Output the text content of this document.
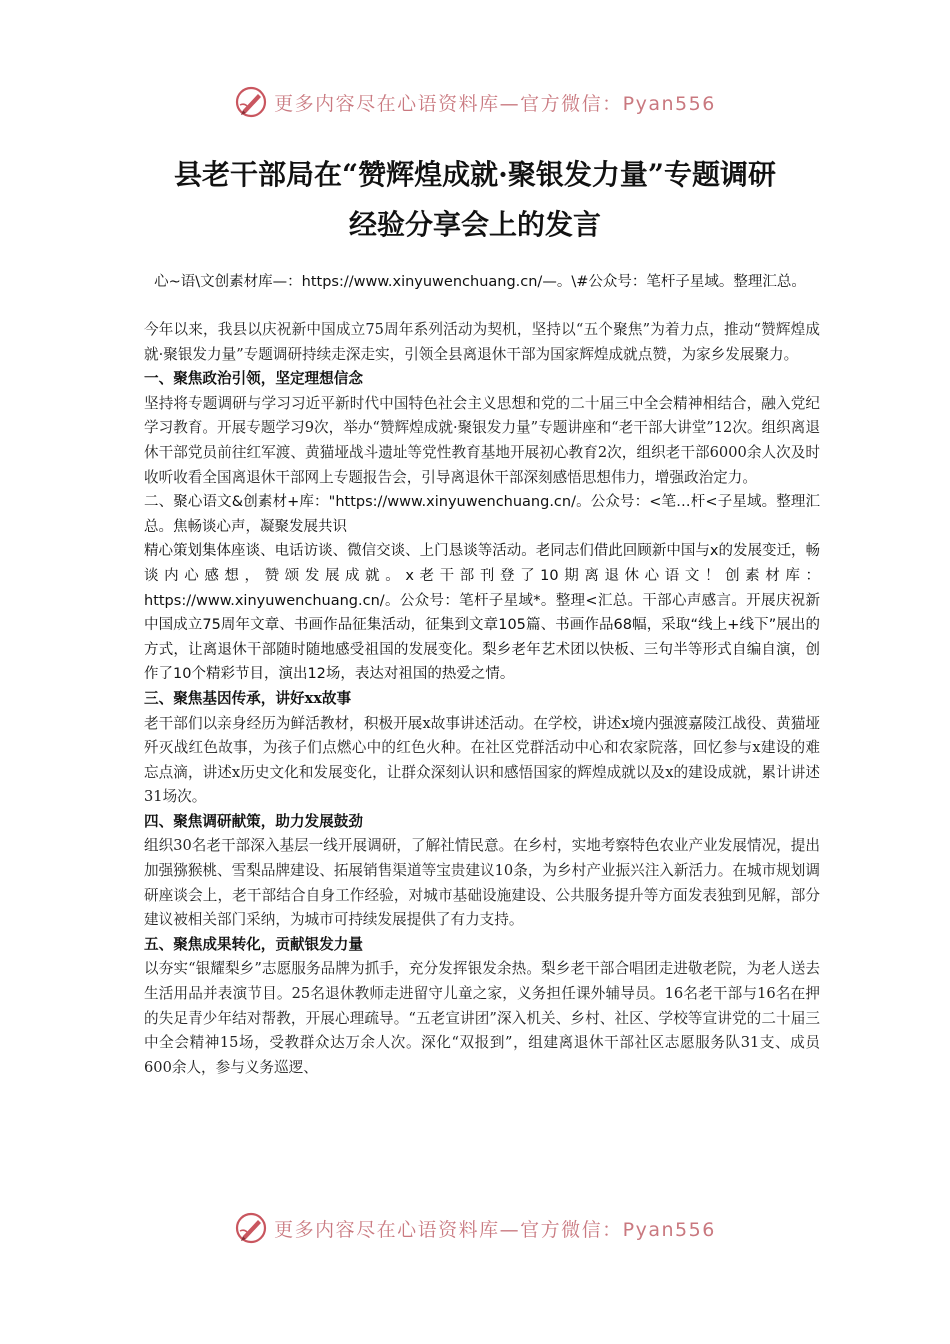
更多内容尽在心语资料库—官方微信：Pyan556
县老干部局在“赞辉煌成就·聚银发力量”专题调研
经验分享会上的发言
心~语\文创素材库—：https://www.xinyuwenchuang.cn/—。\#公众号：笔杆子星域。整理汇总。

今年以来，我县以庆祝新中国成立75周年系列活动为契机，坚持以“五个聚焦”为着力点，推动“赞辉煌成就·聚银发力量”专题调研持续走深走实，引领全县离退休干部为国家辉煌成就点赞，为家乡发展聚力。

一、聚焦政治引领，坚定理想信念

坚持将专题调研与学习习近平新时代中国特色社会主义思想和党的二十届三中全会精神相结合，融入党纪学习教育。开展专题学习9次，举办“赞辉煌成就·聚银发力量”专题讲座和“老干部大讲堂”12次。组织离退休干部党员前往红军渡、黄猫垭战斗遗址等党性教育基地开展初心教育2次，组织老干部6000余人次及时收听收看全国离退休干部网上专题报告会，引导离退休干部深刻感悟思想伟力，增强政治定力。

二、聚心语文&创素材+库："https://www.xinyuwenchuang.cn/。公众号：<笔…杆<子星域。整理汇总。焦畅谈心声，凝聚发展共识

精心策划集体座谈、电话访谈、微信交谈、上门恳谈等活动。老同志们借此回顾新中国与x的发展变迁，畅谈内心感想，赞颂发展成就。x老干部刊登了10期离退休心语文！创素材库：https://www.xinyuwenchuang.cn/。公众号：笔杆子星域*。整理<汇总。干部心声感言。开展庆祝新中国成立75周年文章、书画作品征集活动，征集到文章105篇、书画作品68幅，采取“线上+线下”展出的方式，让离退休干部随时随地感受祖国的发展变化。梨乡老年艺术团以快板、三句半等形式自编自演，创作了10个精彩节目，演出12场，表达对祖国的热爱之情。

三、聚焦基因传承，讲好xx故事

老干部们以亲身经历为鲜活教材，积极开展x故事讲述活动。在学校，讲述x境内强渡嘉陵江战役、黄猫垭歼灭战红色故事，为孩子们点燃心中的红色火种。在社区党群活动中心和农家院落，回忆参与x建设的难忘点滴，讲述x历史文化和发展变化，让群众深刻认识和感悟国家的辉煌成就以及x的建设成就，累计讲述31场次。

四、聚焦调研献策，助力发展鼓劲

组织30名老干部深入基层一线开展调研，了解社情民意。在乡村，实地考察特色农业产业发展情况，提出加强猕猴桃、雪梨品牌建设、拓展销售渠道等宝贵建议10条，为乡村产业振兴注入新活力。在城市规划调研座谈会上，老干部结合自身工作经验，对城市基础设施建设、公共服务提升等方面发表独到见解，部分建议被相关部门采纳，为城市可持续发展提供了有力支持。

五、聚焦成果转化，贡献银发力量

以夯实“银耀梨乡”志愿服务品牌为抓手，充分发挥银发余热。梨乡老干部合唱团走进敬老院，为老人送去生活用品并表演节目。25名退休教师走进留守儿童之家，义务担任课外辅导员。16名老干部与16名在押的失足青少年结对帮教，开展心理疏导。“五老宣讲团”深入机关、乡村、社区、学校等宣讲党的二十届三中全会精神15场，受教群众达万余人次。深化“双报到”，组建离退休干部社区志愿服务队31支、成员600余人，参与义务巡逻、

更多内容尽在心语资料库—官方微信：Pyan556
